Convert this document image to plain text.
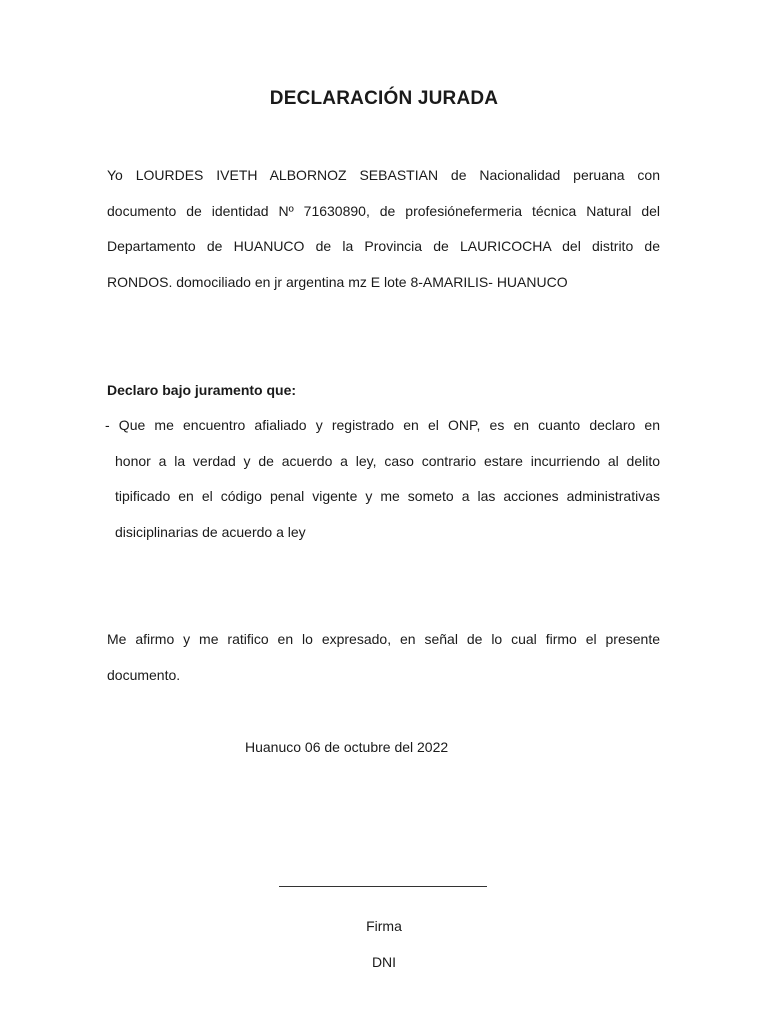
DECLARACIÓN JURADA

Yo LOURDES IVETH ALBORNOZ SEBASTIAN de Nacionalidad peruana con
documento de identidad Nº 71630890, de profesiónefermeria técnica Natural del
Departamento de HUANUCO de la Provincia de LAURICOCHA del distrito de
RONDOS. domociliado en jr argentina mz E lote 8-AMARILIS- HUANUCO

Declaro bajo juramento que:

- Que me encuentro afialiado y registrado en el ONP, es en cuanto declaro en
honor a la verdad y de acuerdo a ley, caso contrario estare incurriendo al delito
tipificado en el código penal vigente y me someto a las acciones administrativas
disiciplinarias de acuerdo a ley

Me afirmo y me ratifico en lo expresado, en señal de lo cual firmo el presente
documento.

Huanuco 06 de octubre del 2022

Firma

DNI
